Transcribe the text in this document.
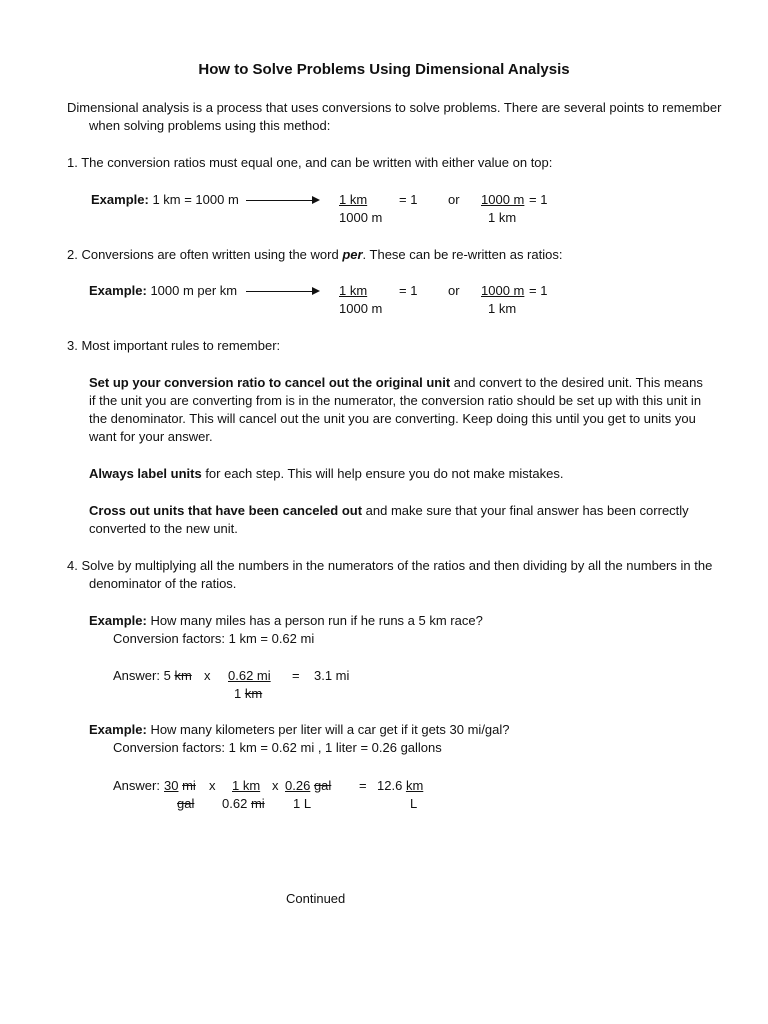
How to Solve Problems Using Dimensional Analysis
Dimensional analysis is a process that uses conversions to solve problems. There are several points to remember
when solving problems using this method:
1. The conversion ratios must equal one, and can be written with either value on top:
Example: 1 km = 1000 m	1 km
1000 m
= 1 or 1000 m
1 km
= 1
2. Conversions are often written using the word per. These can be re-written as ratios:
Example: 1000 m per km	1 km
1000 m
= 1 or 1000 m
1 km
= 1
3. Most important rules to remember:
Set up your conversion ratio to cancel out the original unit and convert to the desired unit. This means if the unit you are converting from is in the numerator, the conversion ratio should be set up with this unit in the denominator. This will cancel out the unit you are converting. Keep doing this until you get to units you want for your answer.
Always label units for each step. This will help ensure you do not make mistakes.
Cross out units that have been canceled out and make sure that your final answer has been correctly converted to the new unit.
4. Solve by multiplying all the numbers in the numerators of the ratios and then dividing by all the numbers in the
denominator of the ratios.
Example: How many miles has a person run if he runs a 5 km race?
Conversion factors: 1 km = 0.62 mi
Answer: 5 km x 0.62 mi
1 km
= 3.1 mi
Example: How many kilometers per liter will a car get if it gets 30 mi/gal?
Conversion factors: 1 km = 0.62 mi , 1 liter = 0.26 gallons
Answer: 30 mi
gal
x 1 km
0.62 mi
x 0.26 gal
1 L
= 12.6 km
L
Continued
